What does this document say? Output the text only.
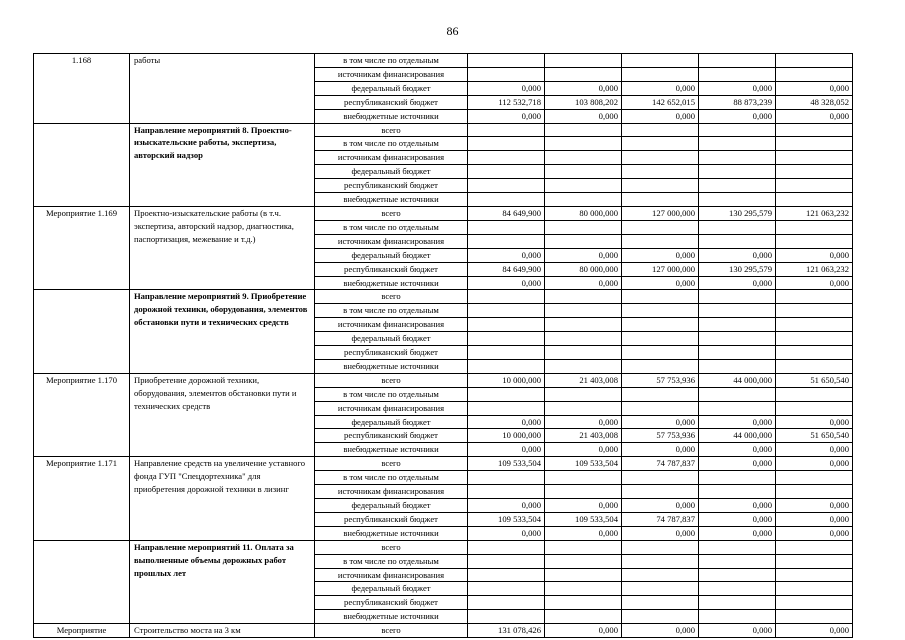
86
1.168	работы	в том числе по отдельным					
		источникам финансирования					
		федеральный бюджет	0,000	0,000	0,000	0,000	0,000
		республиканский бюджет	112 532,718	103 808,202	142 652,015	88 873,239	48 328,052
		внебюджетные источники	0,000	0,000	0,000	0,000	0,000
	Направление мероприятий 8. Проектно-изыскательские работы, экспертиза, авторский надзор	всего					
		в том числе по отдельным					
		источникам финансирования					
		федеральный бюджет					
		республиканский бюджет					
		внебюджетные источники					
Мероприятие 1.169	Проектно-изыскательские работы (в т.ч. экспертиза, авторский надзор, диагностика, паспортизация, межевание и т.д.)	всего	84 649,900	80 000,000	127 000,000	130 295,579	121 063,232
		в том числе по отдельным					
		источникам финансирования					
		федеральный бюджет	0,000	0,000	0,000	0,000	0,000
		республиканский бюджет	84 649,900	80 000,000	127 000,000	130 295,579	121 063,232
		внебюджетные источники	0,000	0,000	0,000	0,000	0,000
	Направление мероприятий 9. Приобретение дорожной техники, оборудования, элементов обстановки пути и технических средств	всего					
		в том числе по отдельным					
		источникам финансирования					
		федеральный бюджет					
		республиканский бюджет					
		внебюджетные источники					
Мероприятие 1.170	Приобретение дорожной техники, оборудования, элементов обстановки пути и технических средств	всего	10 000,000	21 403,008	57 753,936	44 000,000	51 650,540
		в том числе по отдельным					
		источникам финансирования					
		федеральный бюджет	0,000	0,000	0,000	0,000	0,000
		республиканский бюджет	10 000,000	21 403,008	57 753,936	44 000,000	51 650,540
		внебюджетные источники	0,000	0,000	0,000	0,000	0,000
Мероприятие 1.171	Направление средств на увеличение уставного фонда ГУП "Спецдортехника" для приобретения дорожной техники в лизинг	всего	109 533,504	109 533,504	74 787,837	0,000	0,000
		в том числе по отдельным					
		источникам финансирования					
		федеральный бюджет	0,000	0,000	0,000	0,000	0,000
		республиканский бюджет	109 533,504	109 533,504	74 787,837	0,000	0,000
		внебюджетные источники	0,000	0,000	0,000	0,000	0,000
	Направление мероприятий 11. Оплата за выполненные объемы дорожных работ прошлых лет	всего					
		в том числе по отдельным					
		источникам финансирования					
		федеральный бюджет					
		республиканский бюджет					
		внебюджетные источники					
Мероприятие	Строительство моста на 3 км	всего	131 078,426	0,000	0,000	0,000	0,000
